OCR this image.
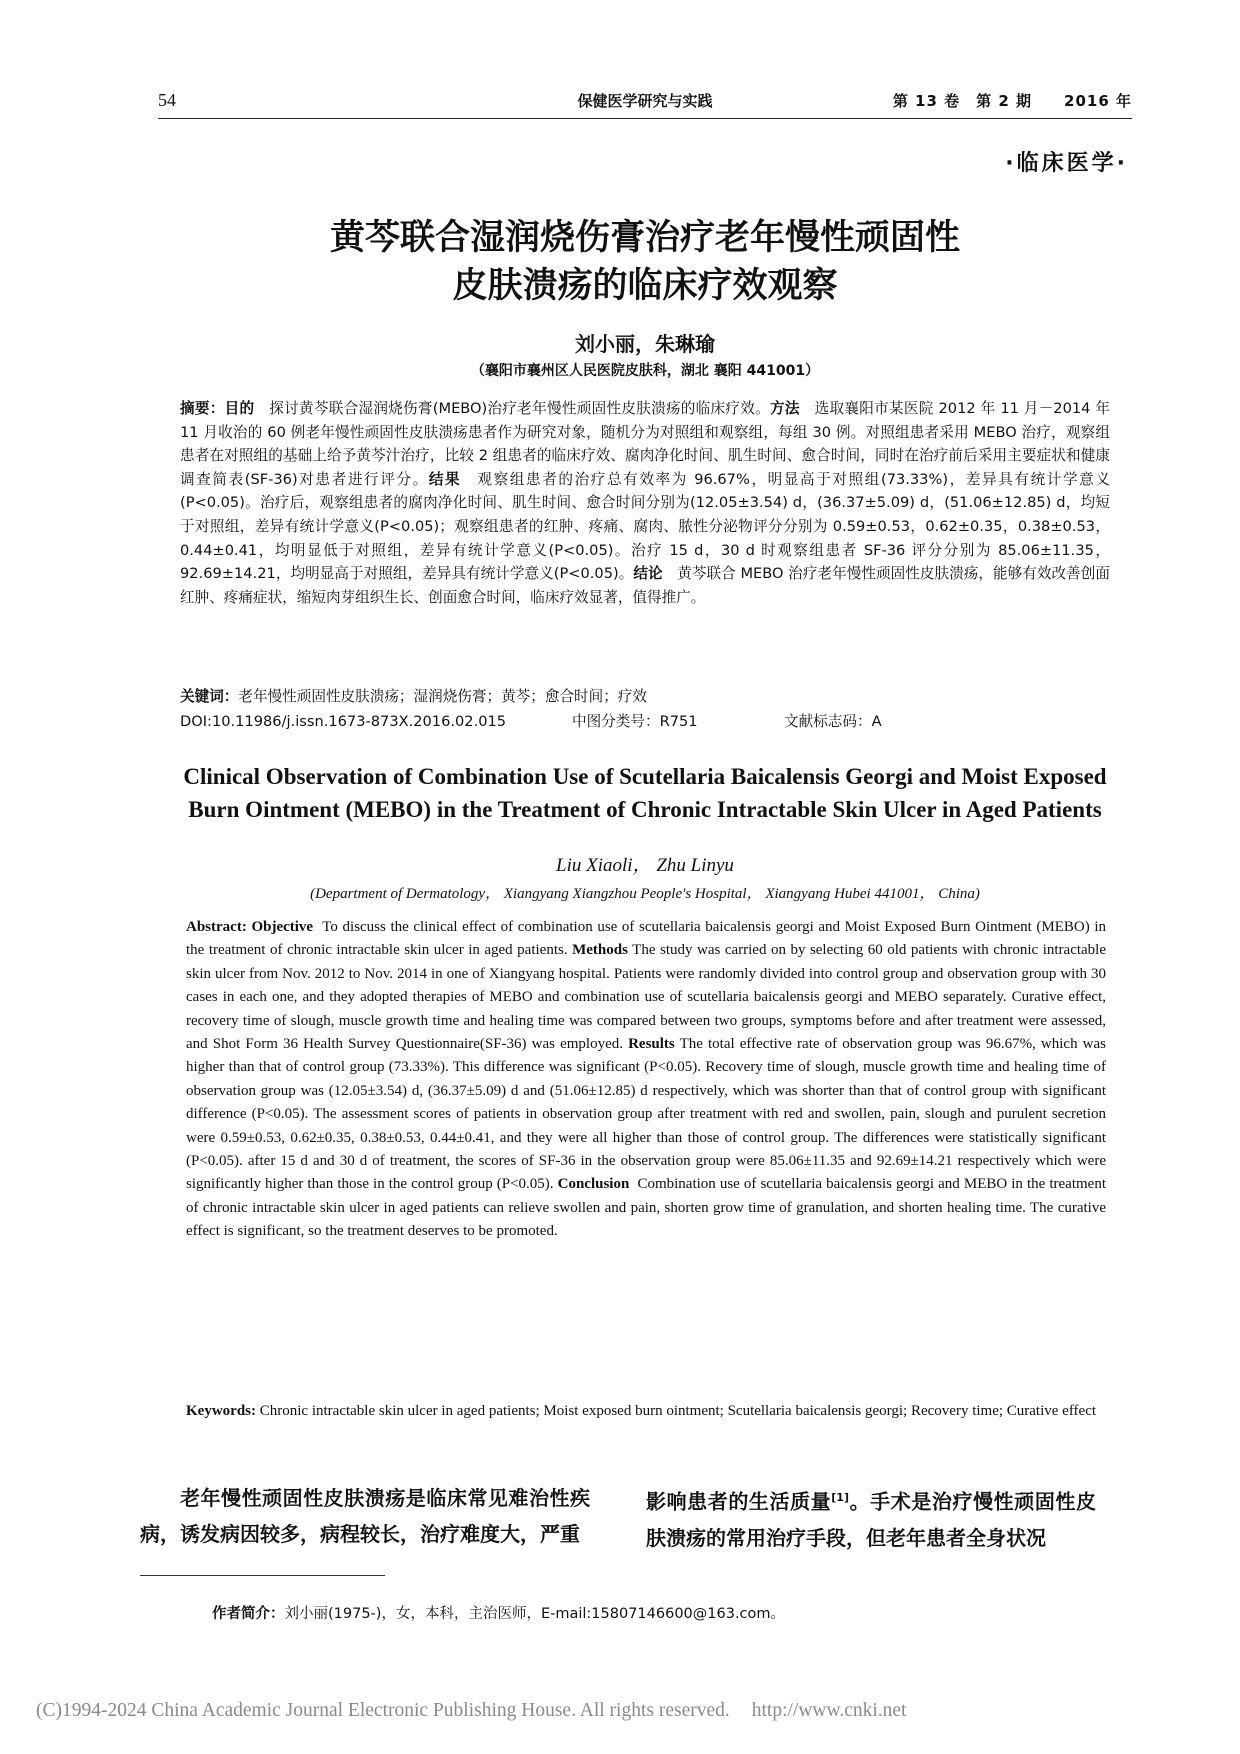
54	保健医学研究与实践	第 13 卷　第 2 期　　2016 年
·临床医学·
黄芩联合湿润烧伤膏治疗老年慢性顽固性
皮肤溃疡的临床疗效观察
刘小丽，朱琳瑜
（襄阳市襄州区人民医院皮肤科，湖北 襄阳 441001）
摘要：目的　 探讨黄芩联合湿润烧伤膏(MEBO)治疗老年慢性顽固性皮肤溃疡的临床疗效。方法　 选取襄阳市某医院 2012 年 11 月－2014 年 11 月收治的 60 例老年慢性顽固性皮肤溃疡患者作为研究对象，随机分为对照组和观察组，每组 30 例。对照组患者采用 MEBO 治疗，观察组患者在对照组的基础上给予黄芩汁治疗，比较 2 组患者的临床疗效、腐肉净化时间、肌生时间、愈合时间，同时在治疗前后采用主要症状和健康调查简表(SF-36)对患者进行评分。结果　 观察组患者的治疗总有效率为 96.67%，明显高于对照组(73.33%)，差异具有统计学意义(P<0.05)。治疗后，观察组患者的腐肉净化时间、肌生时间、愈合时间分别为(12.05±3.54) d，(36.37±5.09) d，(51.06±12.85) d，均短于对照组，差异有统计学意义(P<0.05)；观察组患者的红肿、疼痛、腐肉、脓性分泌物评分分别为 0.59±0.53，0.62±0.35，0.38±0.53，0.44±0.41，均明显低于对照组，差异有统计学意义(P<0.05)。治疗 15 d，30 d 时观察组患者 SF-36 评分分别为 85.06±11.35，92.69±14.21，均明显高于对照组，差异具有统计学意义(P<0.05)。结论　 黄芩联合 MEBO 治疗老年慢性顽固性皮肤溃疡，能够有效改善创面红肿、疼痛症状，缩短肉芽组织生长、创面愈合时间，临床疗效显著，值得推广。
关键词：老年慢性顽固性皮肤溃疡；湿润烧伤膏；黄芩；愈合时间；疗效
DOI:10.11986/j.issn.1673-873X.2016.02.015	中图分类号：R751	文献标志码：A
Clinical Observation of Combination Use of Scutellaria Baicalensis Georgi and Moist Exposed
Burn Ointment (MEBO) in the Treatment of Chronic Intractable Skin Ulcer in Aged Patients
Liu Xiaoli， Zhu Linyu
(Department of Dermatology， Xiangyang Xiangzhou People's Hospital， Xiangyang Hubei 441001， China)
Abstract: Objective To discuss the clinical effect of combination use of scutellaria baicalensis georgi and Moist Exposed Burn Ointment (MEBO) in the treatment of chronic intractable skin ulcer in aged patients. Methods The study was carried on by selecting 60 old patients with chronic intractable skin ulcer from Nov. 2012 to Nov. 2014 in one of Xiangyang hospital. Patients were randomly divided into control group and observation group with 30 cases in each one, and they adopted therapies of MEBO and combination use of scutellaria baicalensis georgi and MEBO separately. Curative effect, recovery time of slough, muscle growth time and healing time was compared between two groups, symptoms before and after treatment were assessed, and Shot Form 36 Health Survey Questionnaire(SF-36) was employed. Results The total effective rate of observation group was 96.67%, which was higher than that of control group (73.33%). This difference was significant (P<0.05). Recovery time of slough, muscle growth time and healing time of observation group was (12.05±3.54) d, (36.37±5.09) d and (51.06±12.85) d respectively, which was shorter than that of control group with significant difference (P<0.05). The assessment scores of patients in observation group after treatment with red and swollen, pain, slough and purulent secretion were 0.59±0.53, 0.62±0.35, 0.38±0.53, 0.44±0.41, and they were all higher than those of control group. The differences were statistically significant (P<0.05). after 15 d and 30 d of treatment, the scores of SF-36 in the observation group were 85.06±11.35 and 92.69±14.21 respectively which were significantly higher than those in the control group (P<0.05). Conclusion Combination use of scutellaria baicalensis georgi and MEBO in the treatment of chronic intractable skin ulcer in aged patients can relieve swollen and pain, shorten grow time of granulation, and shorten healing time. The curative effect is significant, so the treatment deserves to be promoted.
Keywords: Chronic intractable skin ulcer in aged patients; Moist exposed burn ointment; Scutellaria baicalensis georgi; Recovery time; Curative effect
老年慢性顽固性皮肤溃疡是临床常见难治性疾病，诱发病因较多，病程较长，治疗难度大，严重
影响患者的生活质量[1]。手术是治疗慢性顽固性皮肤溃疡的常用治疗手段，但老年患者全身状况
作者简介：刘小丽(1975-)，女，本科，主治医师，E-mail:15807146600@163.com。
(C)1994-2024 China Academic Journal Electronic Publishing House. All rights reserved. http://www.cnki.net
